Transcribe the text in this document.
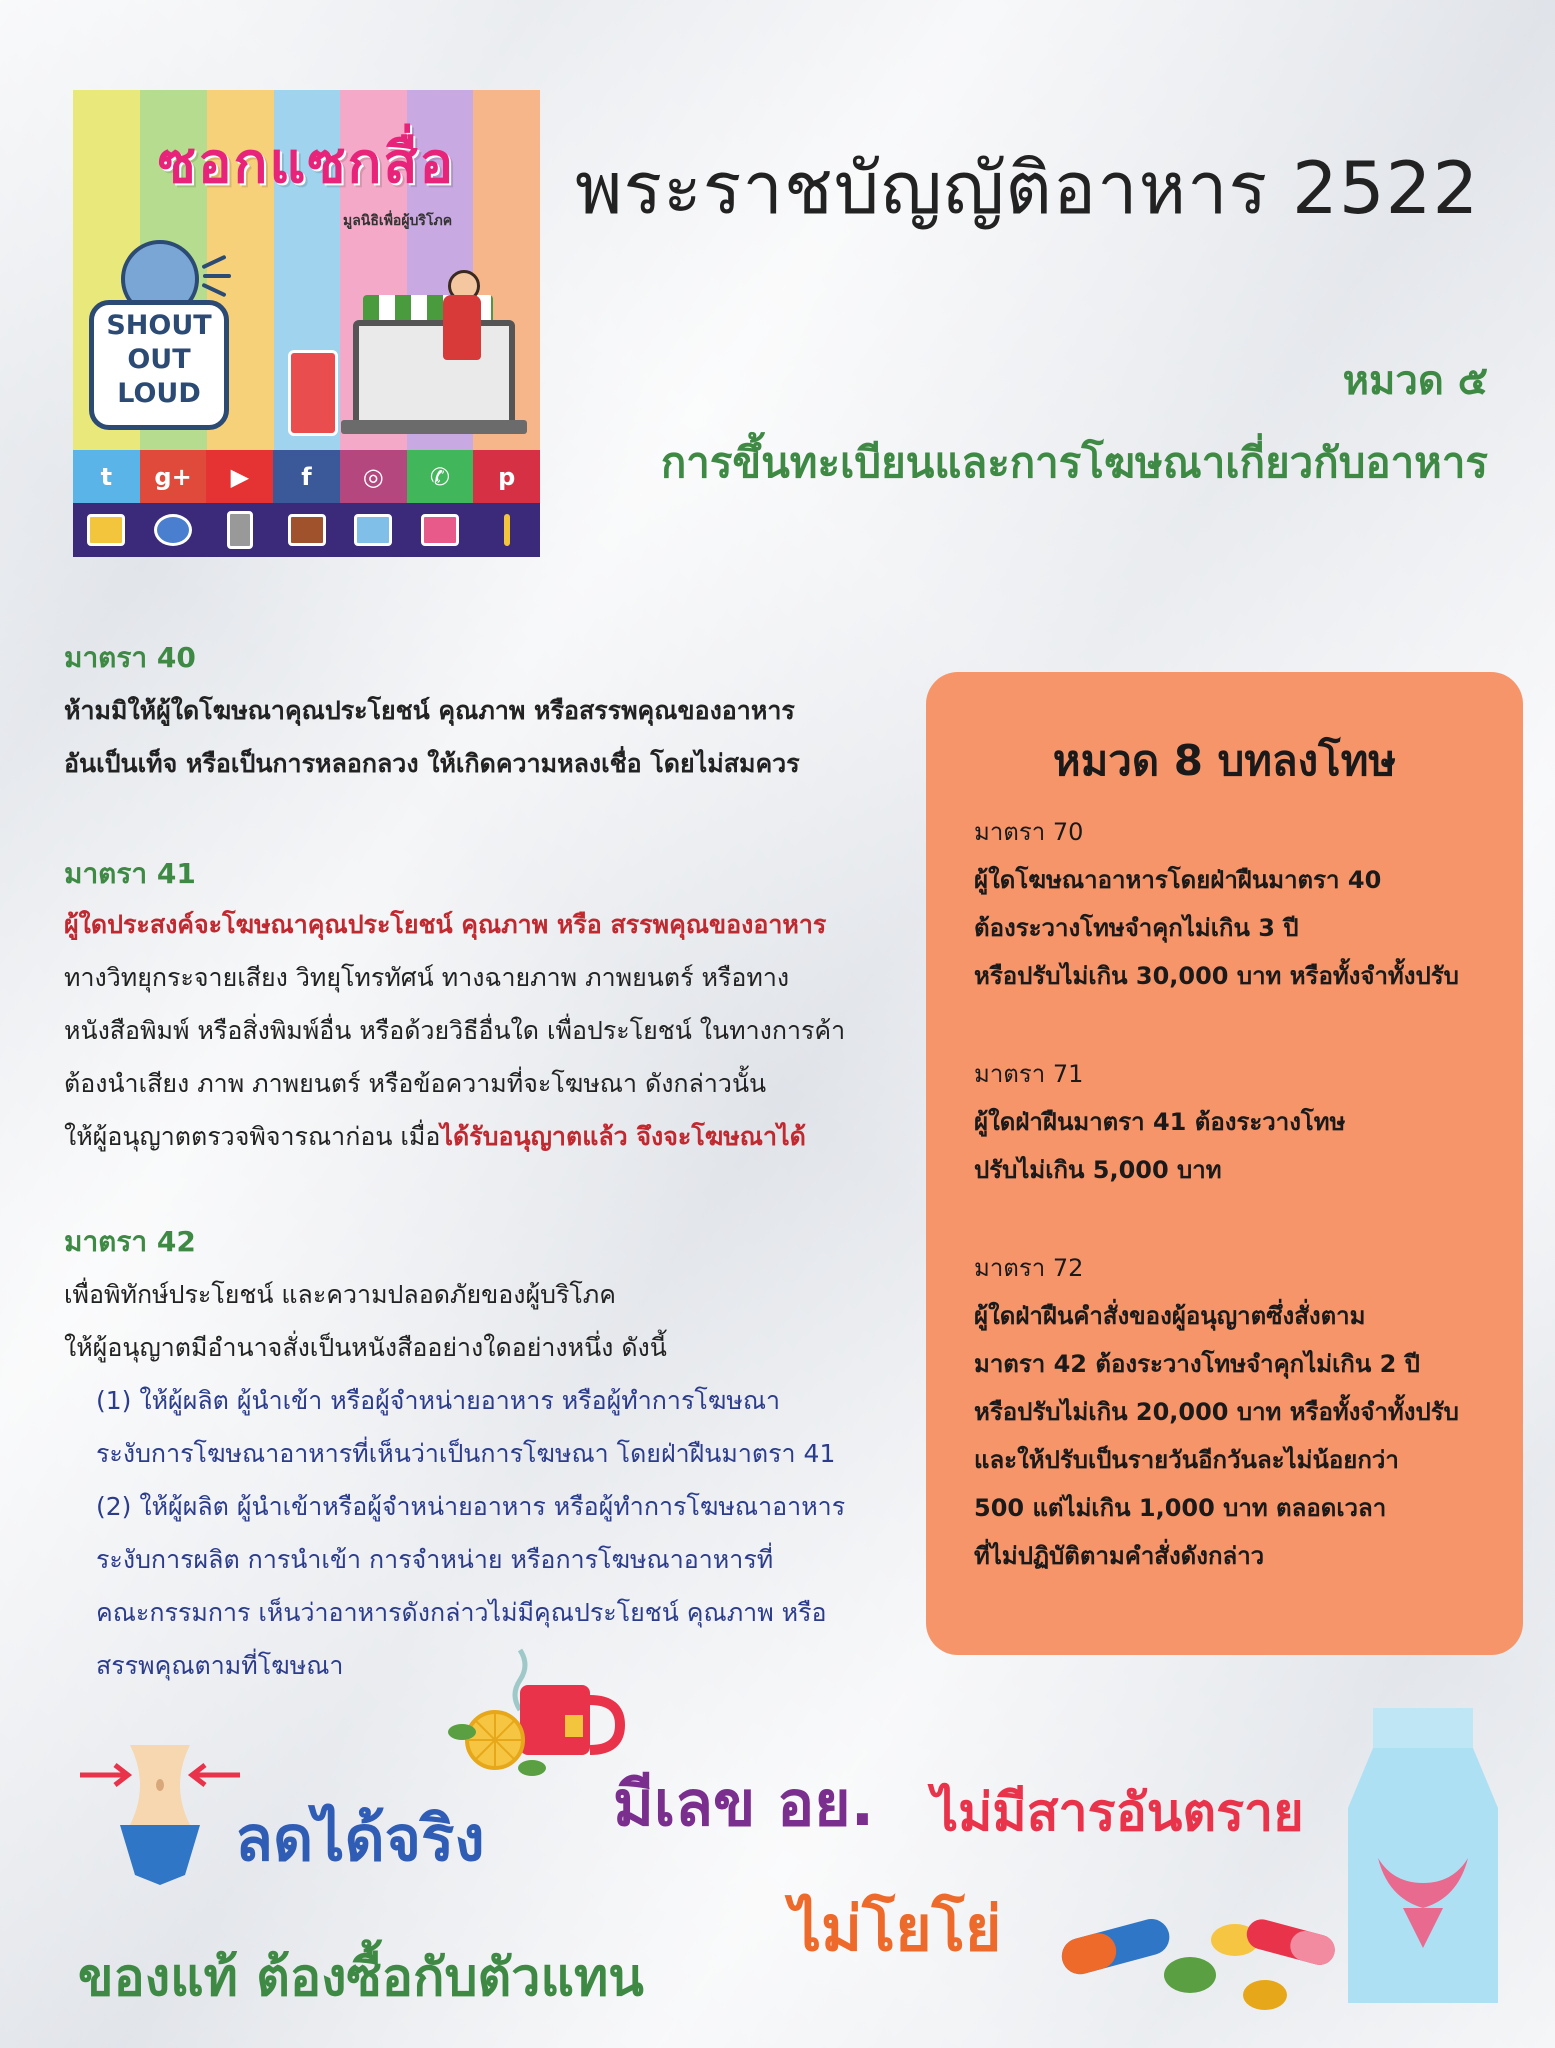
ซอกแซกสื่อ
มูลนิธิเพื่อผู้บริโภค
SHOUT
OUT
LOUD
t	g+	▶	f	◎	✆	p
พระราชบัญญัติอาหาร 2522
หมวด ๕
การขึ้นทะเบียนและการโฆษณาเกี่ยวกับอาหาร
มาตรา 40
ห้ามมิให้ผู้ใดโฆษณาคุณประโยชน์ คุณภาพ หรือสรรพคุณของอาหาร
อันเป็นเท็จ หรือเป็นการหลอกลวง ให้เกิดความหลงเชื่อ โดยไม่สมควร
มาตรา 41
ผู้ใดประสงค์จะโฆษณาคุณประโยชน์ คุณภาพ หรือ สรรพคุณของอาหาร
ทางวิทยุกระจายเสียง วิทยุโทรทัศน์ ทางฉายภาพ ภาพยนตร์ หรือทาง
หนังสือพิมพ์ หรือสิ่งพิมพ์อื่น หรือด้วยวิธีอื่นใด เพื่อประโยชน์ ในทางการค้า
ต้องนำเสียง ภาพ ภาพยนตร์ หรือข้อความที่จะโฆษณา ดังกล่าวนั้น
ให้ผู้อนุญาตตรวจพิจารณาก่อน เมื่อได้รับอนุญาตแล้ว จึงจะโฆษณาได้
มาตรา 42
เพื่อพิทักษ์ประโยชน์ และความปลอดภัยของผู้บริโภค
ให้ผู้อนุญาตมีอำนาจสั่งเป็นหนังสืออย่างใดอย่างหนึ่ง ดังนี้
(1) ให้ผู้ผลิต ผู้นำเข้า หรือผู้จำหน่ายอาหาร หรือผู้ทำการโฆษณา
ระงับการโฆษณาอาหารที่เห็นว่าเป็นการโฆษณา โดยฝ่าฝืนมาตรา 41
(2) ให้ผู้ผลิต ผู้นำเข้าหรือผู้จำหน่ายอาหาร หรือผู้ทำการโฆษณาอาหาร
ระงับการผลิต การนำเข้า การจำหน่าย หรือการโฆษณาอาหารที่
คณะกรรมการ เห็นว่าอาหารดังกล่าวไม่มีคุณประโยชน์ คุณภาพ หรือ
สรรพคุณตามที่โฆษณา
หมวด 8 บทลงโทษ
มาตรา 70
ผู้ใดโฆษณาอาหารโดยฝ่าฝืนมาตรา 40
ต้องระวางโทษจำคุกไม่เกิน 3 ปี
หรือปรับไม่เกิน 30,000 บาท หรือทั้งจำทั้งปรับ
มาตรา 71
ผู้ใดฝ่าฝืนมาตรา 41 ต้องระวางโทษ
ปรับไม่เกิน 5,000 บาท
มาตรา 72
ผู้ใดฝ่าฝืนคำสั่งของผู้อนุญาตซึ่งสั่งตาม
มาตรา 42 ต้องระวางโทษจำคุกไม่เกิน 2 ปี
หรือปรับไม่เกิน 20,000 บาท หรือทั้งจำทั้งปรับ
และให้ปรับเป็นรายวันอีกวันละไม่น้อยกว่า
500 แต่ไม่เกิน 1,000 บาท ตลอดเวลา
ที่ไม่ปฏิบัติตามคำสั่งดังกล่าว
ลดได้จริง มีเลข อย. ไม่มีสารอันตราย
ไม่โยโย่
ของแท้ ต้องซื้อกับตัวแทน
